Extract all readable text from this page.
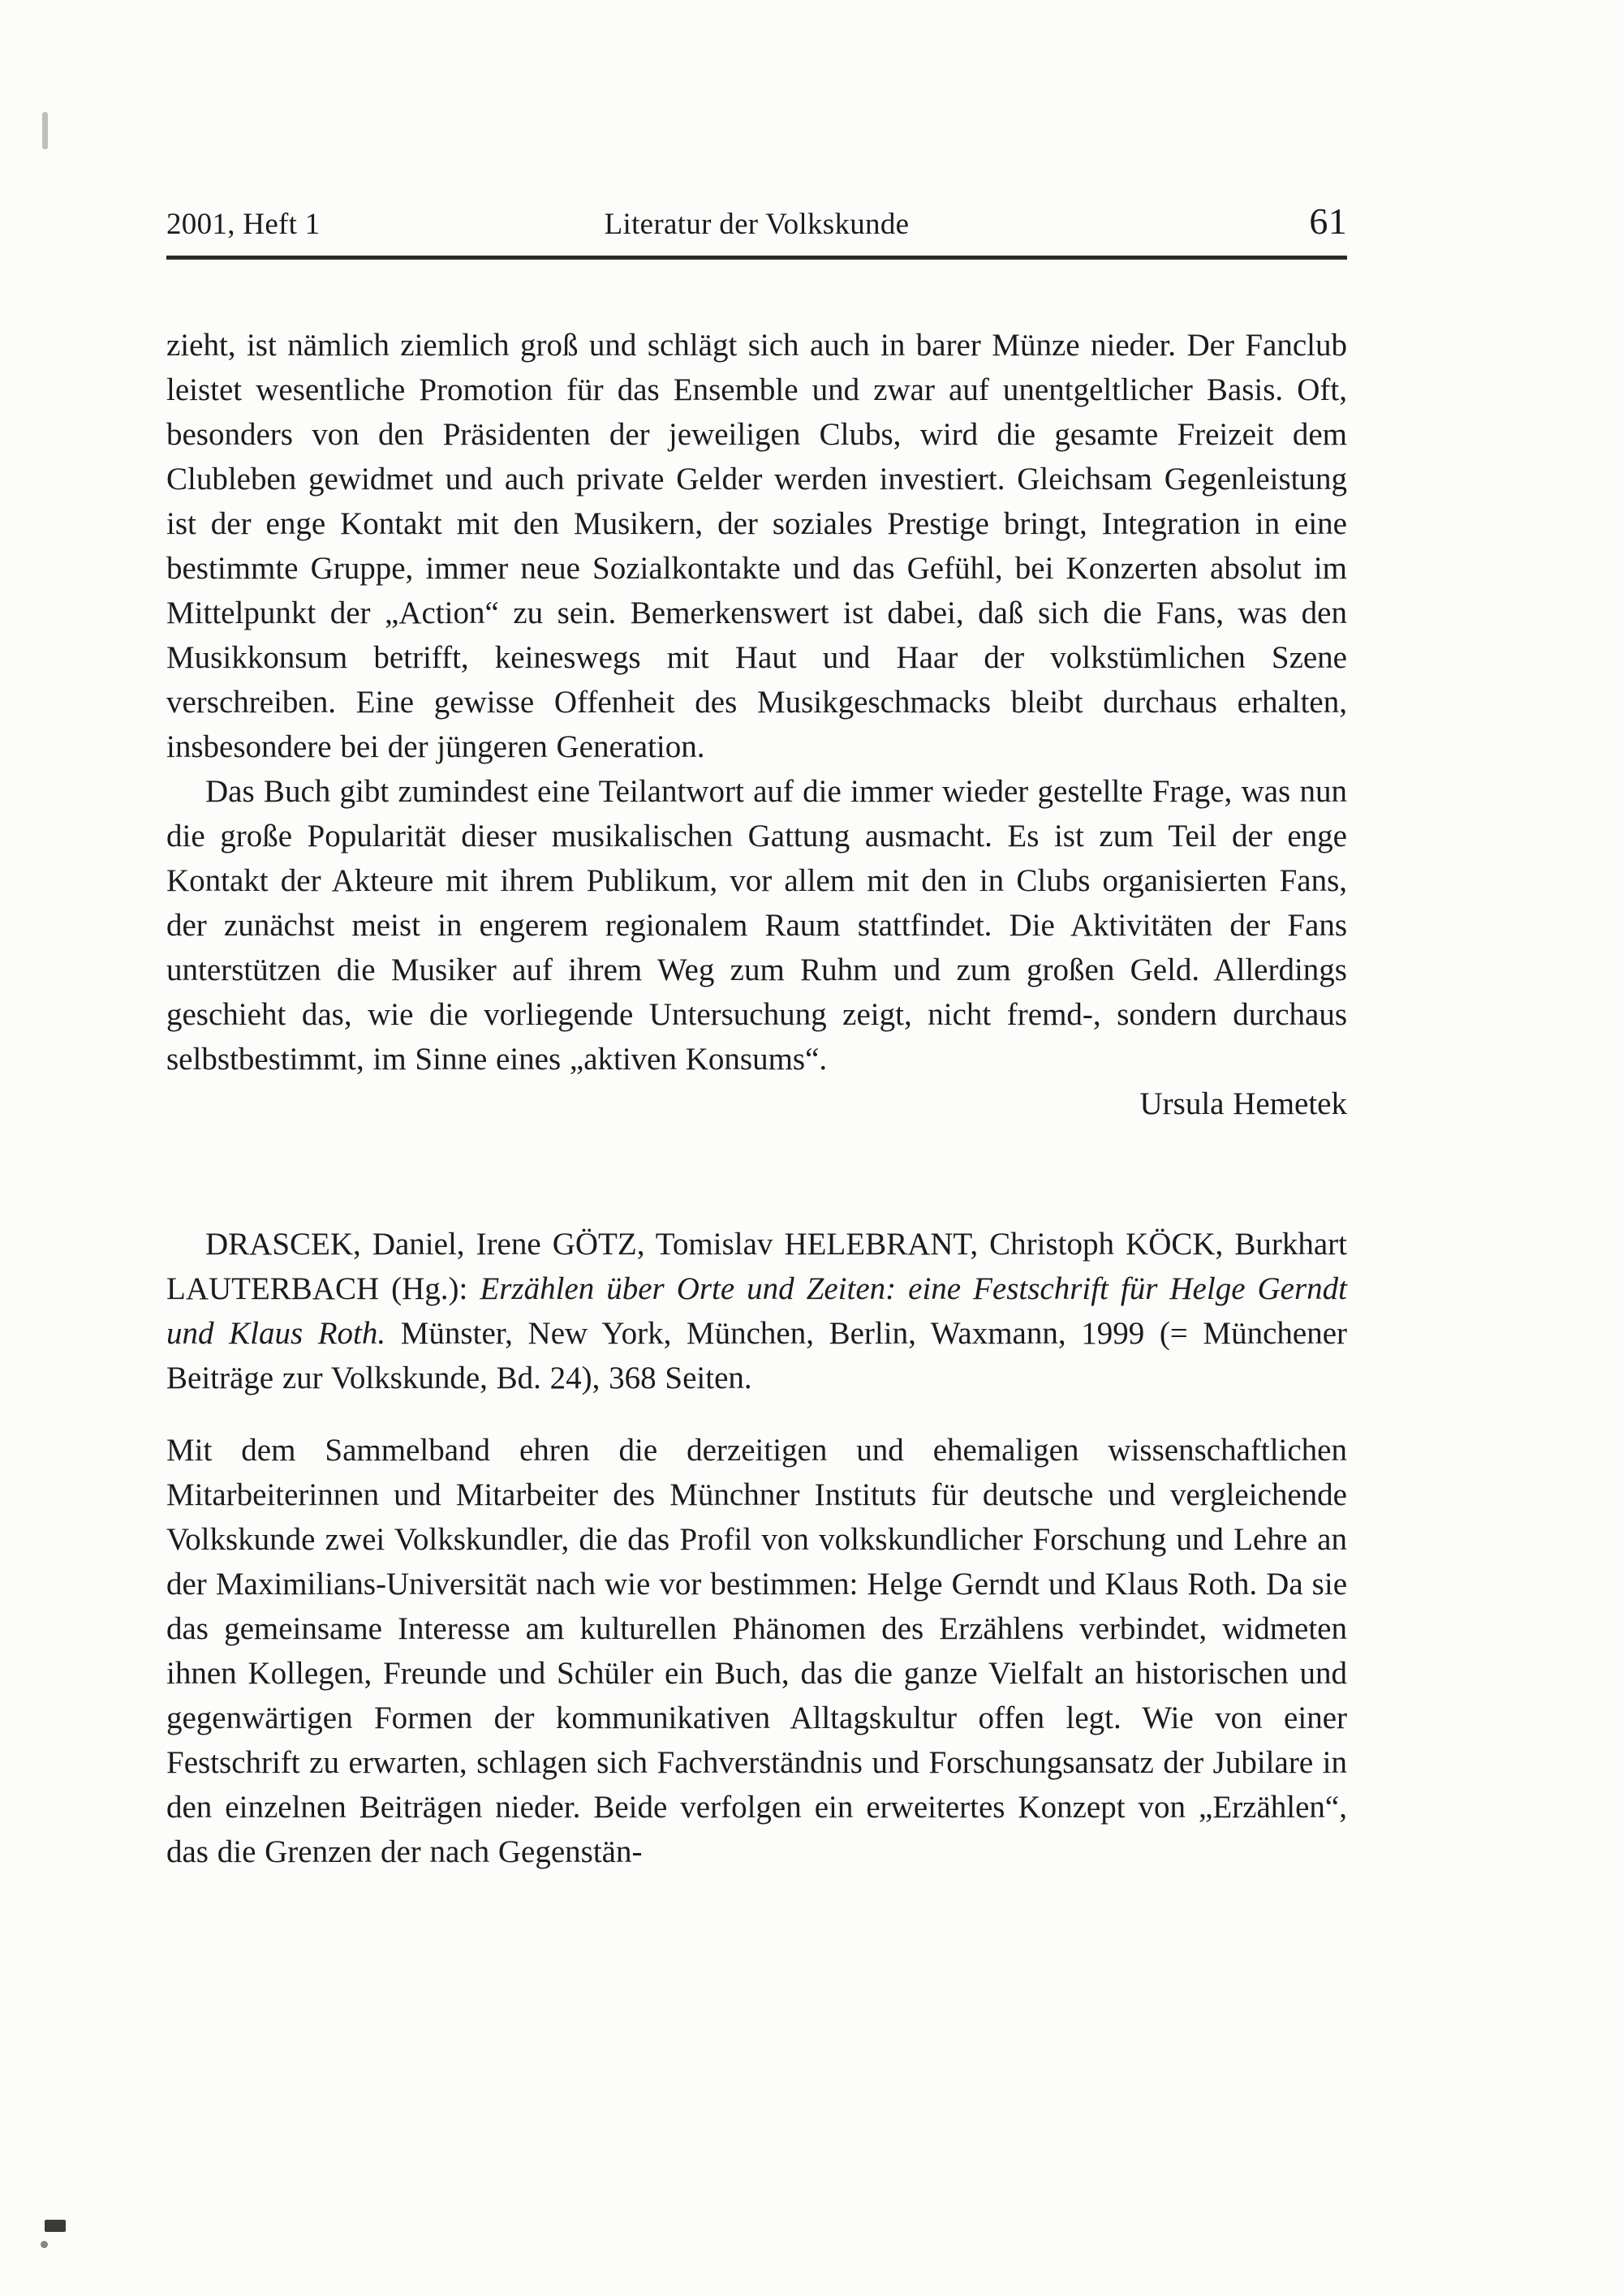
2001, Heft 1	Literatur der Volkskunde	61

zieht, ist nämlich ziemlich groß und schlägt sich auch in barer Münze nieder. Der Fanclub leistet wesentliche Promotion für das Ensemble und zwar auf unentgeltlicher Basis. Oft, besonders von den Präsidenten der jeweiligen Clubs, wird die gesamte Freizeit dem Clubleben gewidmet und auch private Gelder werden investiert. Gleichsam Gegenleistung ist der enge Kontakt mit den Musikern, der soziales Prestige bringt, Integration in eine bestimmte Gruppe, immer neue Sozialkontakte und das Gefühl, bei Konzerten absolut im Mittelpunkt der „Action“ zu sein. Bemerkenswert ist dabei, daß sich die Fans, was den Musikkonsum betrifft, keineswegs mit Haut und Haar der volkstümlichen Szene verschreiben. Eine gewisse Offenheit des Musikgeschmacks bleibt durchaus erhalten, insbesondere bei der jüngeren Generation.

Das Buch gibt zumindest eine Teilantwort auf die immer wieder gestellte Frage, was nun die große Popularität dieser musikalischen Gattung ausmacht. Es ist zum Teil der enge Kontakt der Akteure mit ihrem Publikum, vor allem mit den in Clubs organisierten Fans, der zunächst meist in engerem regionalem Raum stattfindet. Die Aktivitäten der Fans unterstützen die Musiker auf ihrem Weg zum Ruhm und zum großen Geld. Allerdings geschieht das, wie die vorliegende Untersuchung zeigt, nicht fremd-, sondern durchaus selbstbestimmt, im Sinne eines „aktiven Konsums“.

Ursula Hemetek

DRASCEK, Daniel, Irene GÖTZ, Tomislav HELEBRANT, Christoph KÖCK, Burkhart LAUTERBACH (Hg.): Erzählen über Orte und Zeiten: eine Festschrift für Helge Gerndt und Klaus Roth. Münster, New York, München, Berlin, Waxmann, 1999 (= Münchener Beiträge zur Volkskunde, Bd. 24), 368 Seiten.

Mit dem Sammelband ehren die derzeitigen und ehemaligen wissenschaftlichen Mitarbeiterinnen und Mitarbeiter des Münchner Instituts für deutsche und vergleichende Volkskunde zwei Volkskundler, die das Profil von volkskundlicher Forschung und Lehre an der Maximilians-Universität nach wie vor bestimmen: Helge Gerndt und Klaus Roth. Da sie das gemeinsame Interesse am kulturellen Phänomen des Erzählens verbindet, widmeten ihnen Kollegen, Freunde und Schüler ein Buch, das die ganze Vielfalt an historischen und gegenwärtigen Formen der kommunikativen Alltagskultur offen legt. Wie von einer Festschrift zu erwarten, schlagen sich Fachverständnis und Forschungsansatz der Jubilare in den einzelnen Beiträgen nieder. Beide verfolgen ein erweitertes Konzept von „Erzählen“, das die Grenzen der nach Gegenstän-
